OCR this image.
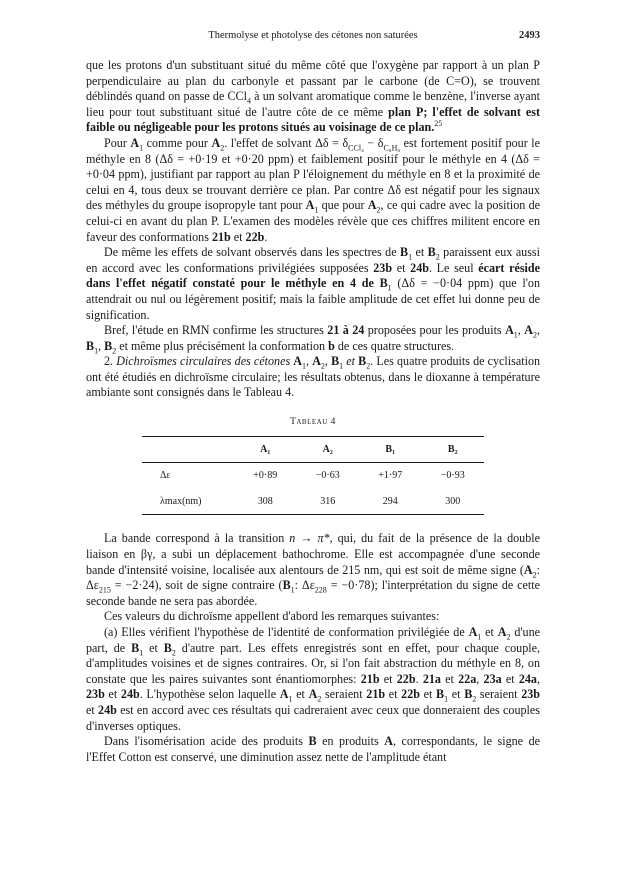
Thermolyse et photolyse des cétones non saturées	2493

que les protons d'un substituant situé du même côté que l'oxygène par rapport à un plan P perpendiculaire au plan du carbonyle et passant par le carbone (de C=O), se trouvent déblindés quand on passe de CCl$_4$ à un solvant aromatique comme le benzène, l'inverse ayant lieu pour tout substituant situé de l'autre côte de ce même plan P; l'effet de solvant est faible ou négligeable pour les protons situés au voisinage de ce plan.$^{25}$

Pour $A_1$ comme pour $A_2$. l'effet de solvant $\Delta\delta = \delta_{CCl_4} - \delta_{C_6H_6}$ est fortement positif pour le méthyle en 8 (Δδ = +0·19 et +0·20 ppm) et faiblement positif pour le méthyle en 4 (Δδ = +0·04 ppm), justifiant par rapport au plan P l'éloignement du méthyle en 8 et la proximité de celui en 4, tous deux se trouvant derrière ce plan. Par contre Δδ est négatif pour les signaux des méthyles du groupe isopropyle tant pour $A_1$ que pour $A_2$, ce qui cadre avec la position de celui-ci en avant du plan P. L'examen des modèles révèle que ces chiffres militent encore en faveur des conformations 21b et 22b.

De même les effets de solvant observés dans les spectres de $B_1$ et $B_2$ paraissent eux aussi en accord avec les conformations privilégiées supposées 23b et 24b. Le seul écart réside dans l'effet négatif constaté pour le méthyle en 4 de $B_1$ (Δδ = −0·04 ppm) que l'on attendrait ou nul ou légèrement positif; mais la faible amplitude de cet effet lui donne peu de signification.

Bref, l'étude en RMN confirme les structures 21 à 24 proposées pour les produits $A_1$, $A_2$, $B_1$, $B_2$ et même plus précisément la conformation b de ces quatre structures.

2. Dichroïsmes circulaires des cétones $A_1$, $A_2$, $B_1$ et $B_2$. Les quatre produits de cyclisation ont été étudiés en dichroïsme circulaire; les résultats obtenus, dans le dioxanne à température ambiante sont consignés dans le Tableau 4.

Tableau 4
	A₁	A₂	B₁	B₂
Δε	+0·89	−0·63	+1·97	−0·93
λmax(nm)	308	316	294	300

La bande correspond à la transition n → π*, qui, du fait de la présence de la double liaison en βγ, a subi un déplacement bathochrome. Elle est accompagnée d'une seconde bande d'intensité voisine, localisée aux alentours de 215 nm, qui est soit de même signe ($A_2$: $\Delta\varepsilon_{215} = -2\cdot 24$), soit de signe contraire ($B_1$: $\Delta\varepsilon_{228} = -0\cdot 78$); l'interprétation du signe de cette seconde bande ne sera pas abordée.

Ces valeurs du dichroïsme appellent d'abord les remarques suivantes:

(a) Elles vérifient l'hypothèse de l'identité de conformation privilégiée de $A_1$ et $A_2$ d'une part, de $B_1$ et $B_2$ d'autre part. Les effets enregistrés sont en effet, pour chaque couple, d'amplitudes voisines et de signes contraires. Or, si l'on fait abstraction du méthyle en 8, on constate que les paires suivantes sont énantiomorphes: 21b et 22b. 21a et 22a, 23a et 24a, 23b et 24b. L'hypothèse selon laquelle $A_1$ et $A_2$ seraient 21b et 22b et $B_1$ et $B_2$ seraient 23b et 24b est en accord avec ces résultats qui cadreraient avec ceux que donneraient des couples d'inverses optiques.

Dans l'isomérisation acide des produits B en produits A, correspondants, le signe de l'Effet Cotton est conservé, une diminution assez nette de l'amplitude étant
